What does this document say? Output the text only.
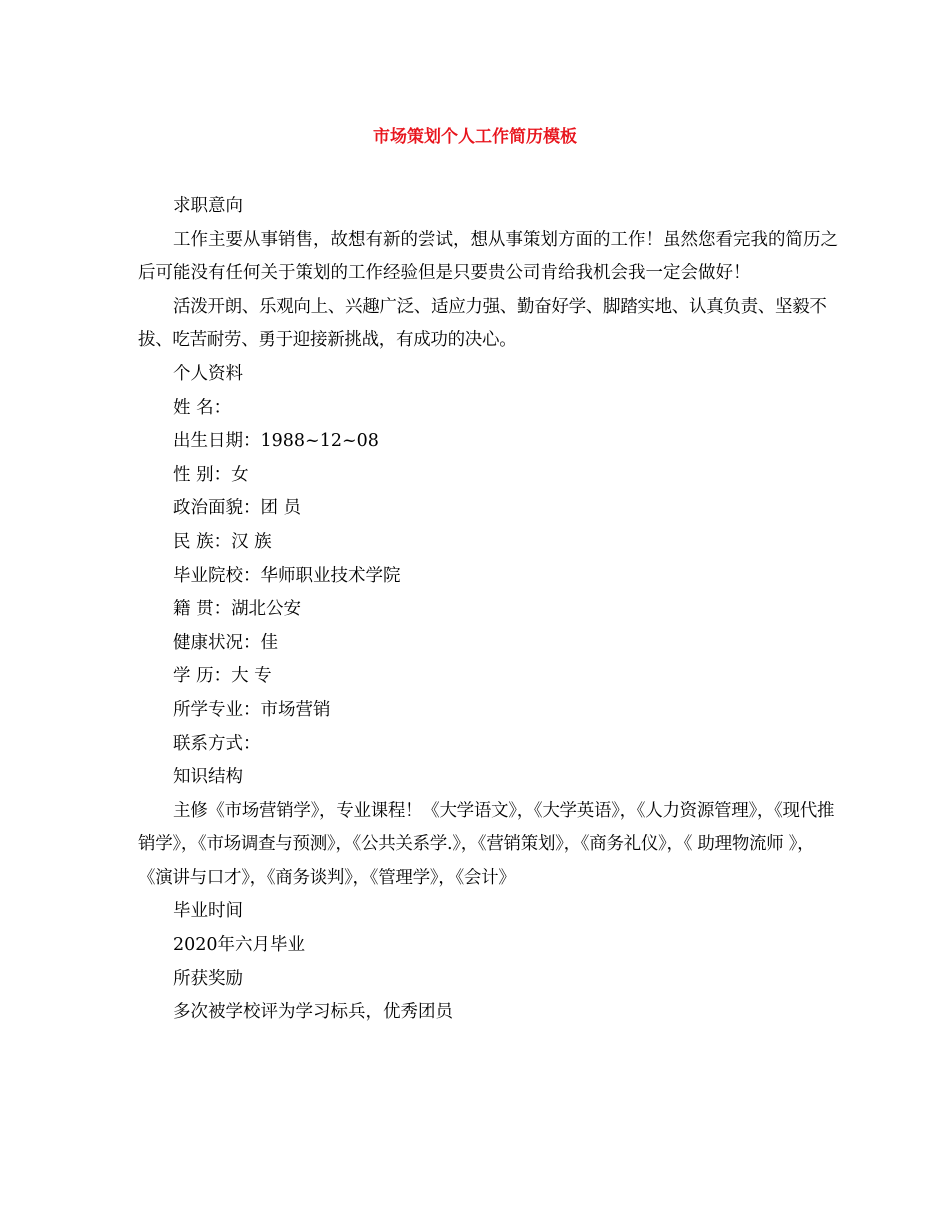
市场策划个人工作简历模板

求职意向

工作主要从事销售，故想有新的尝试，想从事策划方面的工作！虽然您看完我的简历之后可能没有任何关于策划的工作经验但是只要贵公司肯给我机会我一定会做好！

活泼开朗、乐观向上、兴趣广泛、适应力强、勤奋好学、脚踏实地、认真负责、坚毅不拔、吃苦耐劳、勇于迎接新挑战，有成功的决心。

个人资料

姓 名：

出生日期：1988~12~08

性 别：女

政治面貌：团 员

民 族：汉 族

毕业院校：华师职业技术学院

籍 贯：湖北公安

健康状况：佳

学 历：大 专

所学专业：市场营销

联系方式：

知识结构

主修《市场营销学》，专业课程！《大学语文》，《大学英语》，《人力资源管理》，《现代推销学》，《市场调查与预测》，《公共关系学.》，《营销策划》，《商务礼仪》，《 助理物流师 》，《演讲与口才》，《商务谈判》，《管理学》，《会计》

毕业时间

2020年六月毕业

所获奖励

多次被学校评为学习标兵，优秀团员
